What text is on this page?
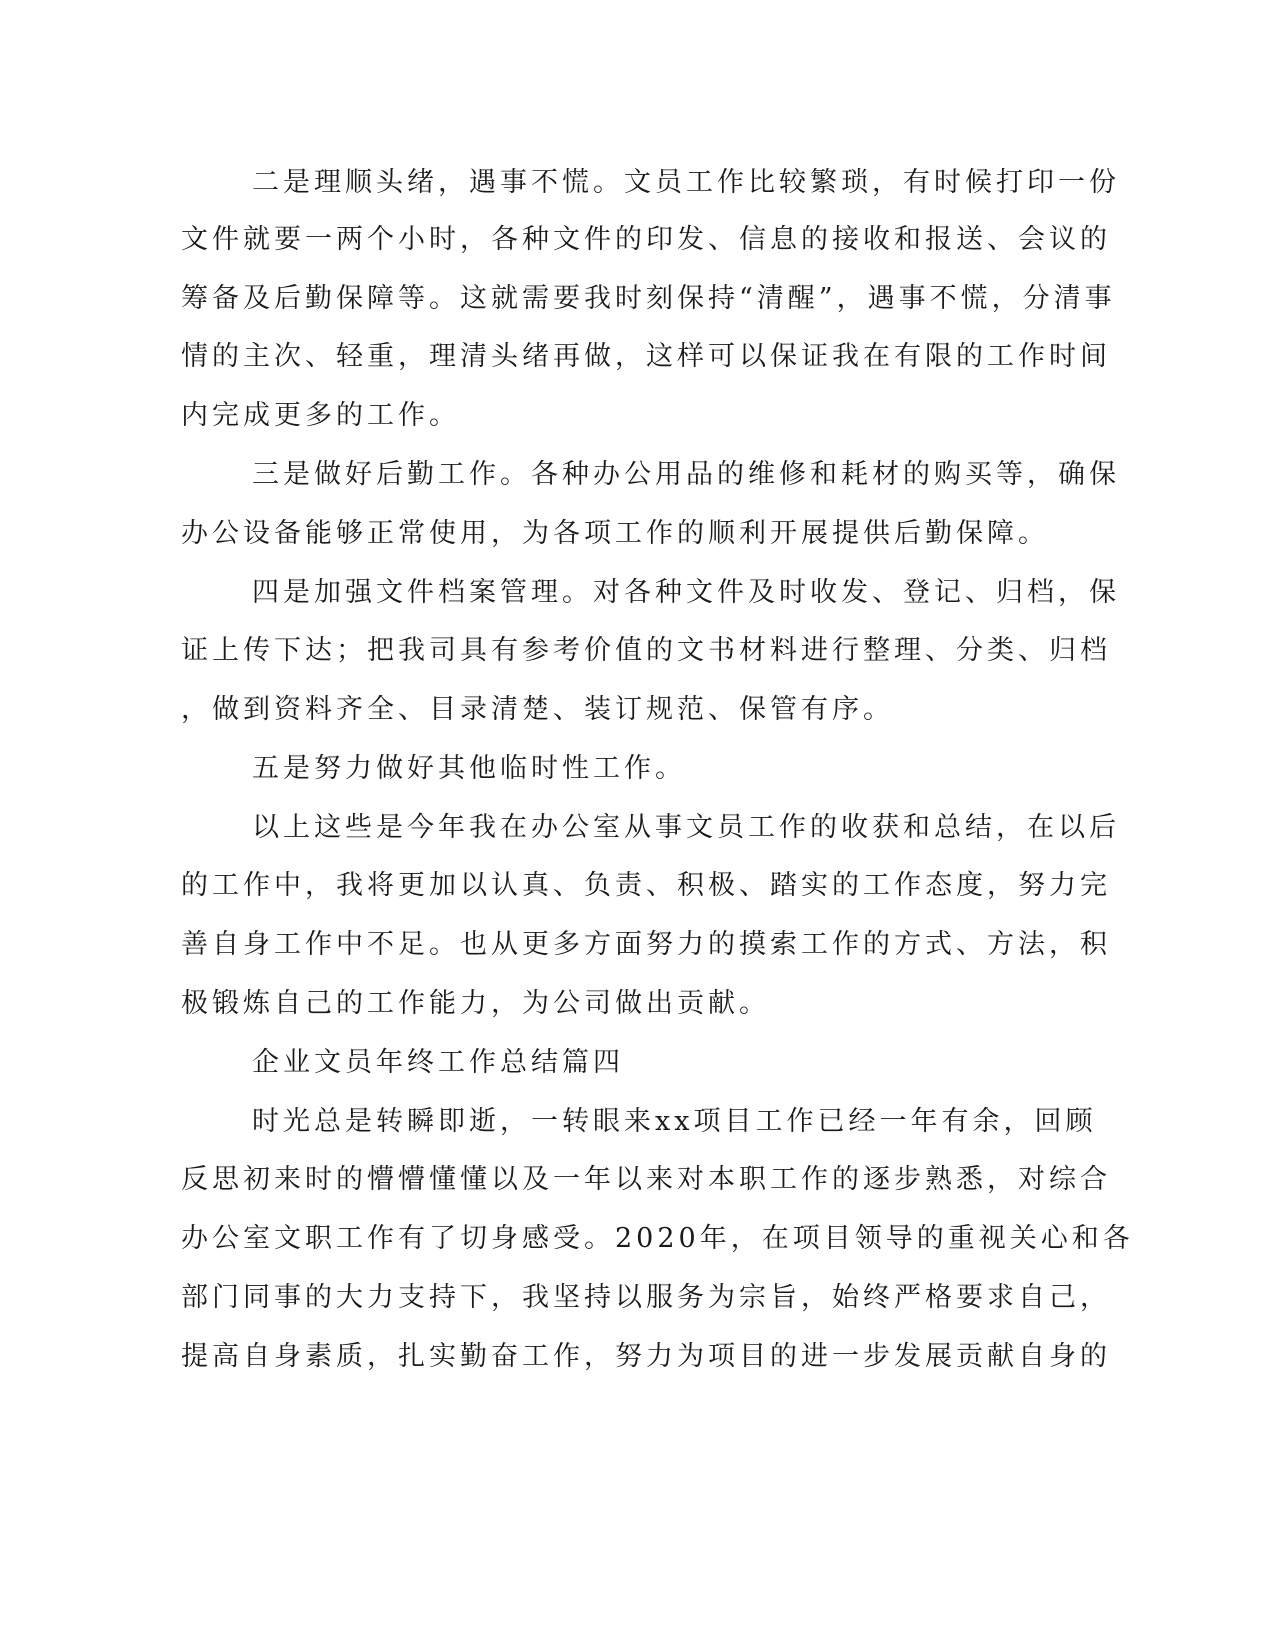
二是理顺头绪，遇事不慌。文员工作比较繁琐，有时候打印一份
文件就要一两个小时，各种文件的印发、信息的接收和报送、会议的
筹备及后勤保障等。这就需要我时刻保持“清醒”，遇事不慌，分清事
情的主次、轻重，理清头绪再做，这样可以保证我在有限的工作时间
内完成更多的工作。
三是做好后勤工作。各种办公用品的维修和耗材的购买等，确保
办公设备能够正常使用，为各项工作的顺利开展提供后勤保障。
四是加强文件档案管理。对各种文件及时收发、登记、归档，保
证上传下达；把我司具有参考价值的文书材料进行整理、分类、归档
，做到资料齐全、目录清楚、装订规范、保管有序。
五是努力做好其他临时性工作。
以上这些是今年我在办公室从事文员工作的收获和总结，在以后
的工作中，我将更加以认真、负责、积极、踏实的工作态度，努力完
善自身工作中不足。也从更多方面努力的摸索工作的方式、方法，积
极锻炼自己的工作能力，为公司做出贡献。
企业文员年终工作总结篇四
时光总是转瞬即逝，一转眼来xx项目工作已经一年有余，回顾
反思初来时的懵懵懂懂以及一年以来对本职工作的逐步熟悉，对综合
办公室文职工作有了切身感受。2020年，在项目领导的重视关心和各
部门同事的大力支持下，我坚持以服务为宗旨，始终严格要求自己，
提高自身素质，扎实勤奋工作，努力为项目的进一步发展贡献自身的
